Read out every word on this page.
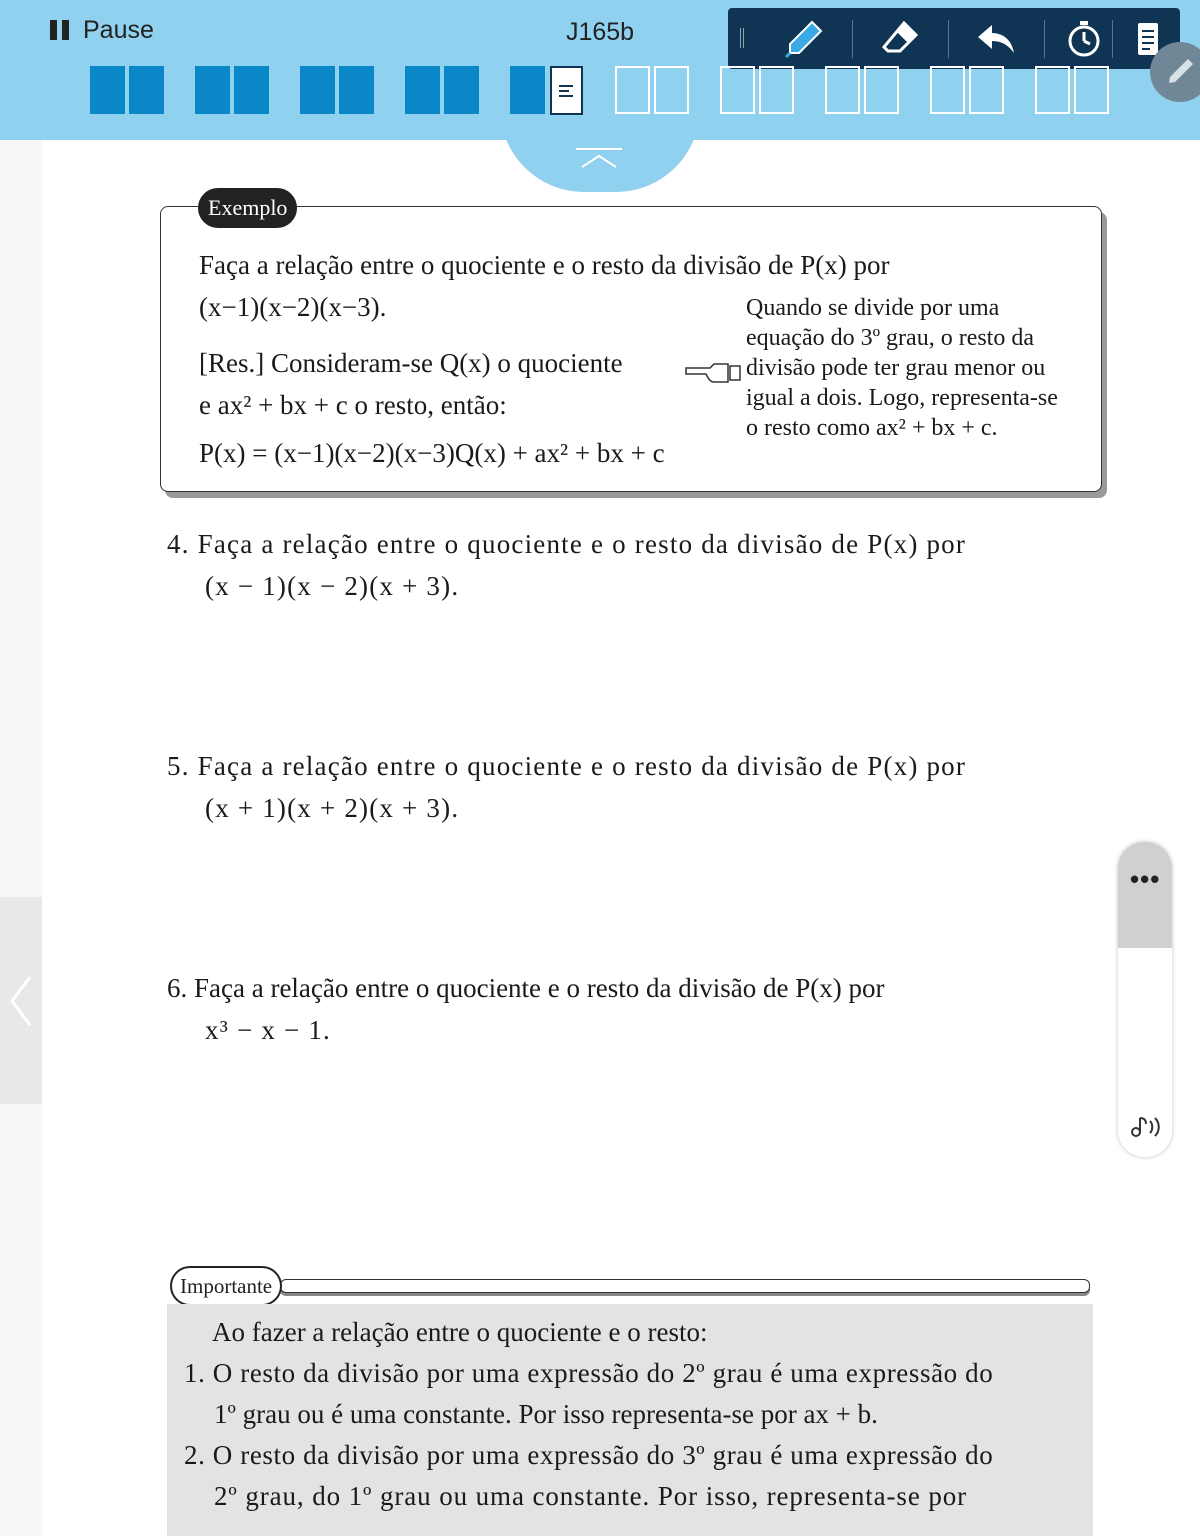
Pause	J165b
Exemplo
Faça a relação entre o quociente e o resto da divisão de P(x) por
(x−1)(x−2)(x−3).
[Res.] Consideram-se Q(x) o quociente
e ax² + bx + c o resto, então:
P(x) = (x−1)(x−2)(x−3)Q(x) + ax² + bx + c
Quando se divide por uma
equação do 3º grau, o resto da
divisão pode ter grau menor ou
igual a dois. Logo, representa-se
o resto como ax² + bx + c.
4. Faça a relação entre o quociente e o resto da divisão de P(x) por
(x − 1)(x − 2)(x + 3).
5. Faça a relação entre o quociente e o resto da divisão de P(x) por
(x + 1)(x + 2)(x + 3).
6. Faça a relação entre o quociente e o resto da divisão de P(x) por
x³ − x − 1.
•••
Importante
Ao fazer a relação entre o quociente e o resto:
1. O resto da divisão por uma expressão do 2º grau é uma expressão do
1º grau ou é uma constante. Por isso representa-se por ax + b.
2. O resto da divisão por uma expressão do 3º grau é uma expressão do
2º grau, do 1º grau ou uma constante. Por isso, representa-se por
